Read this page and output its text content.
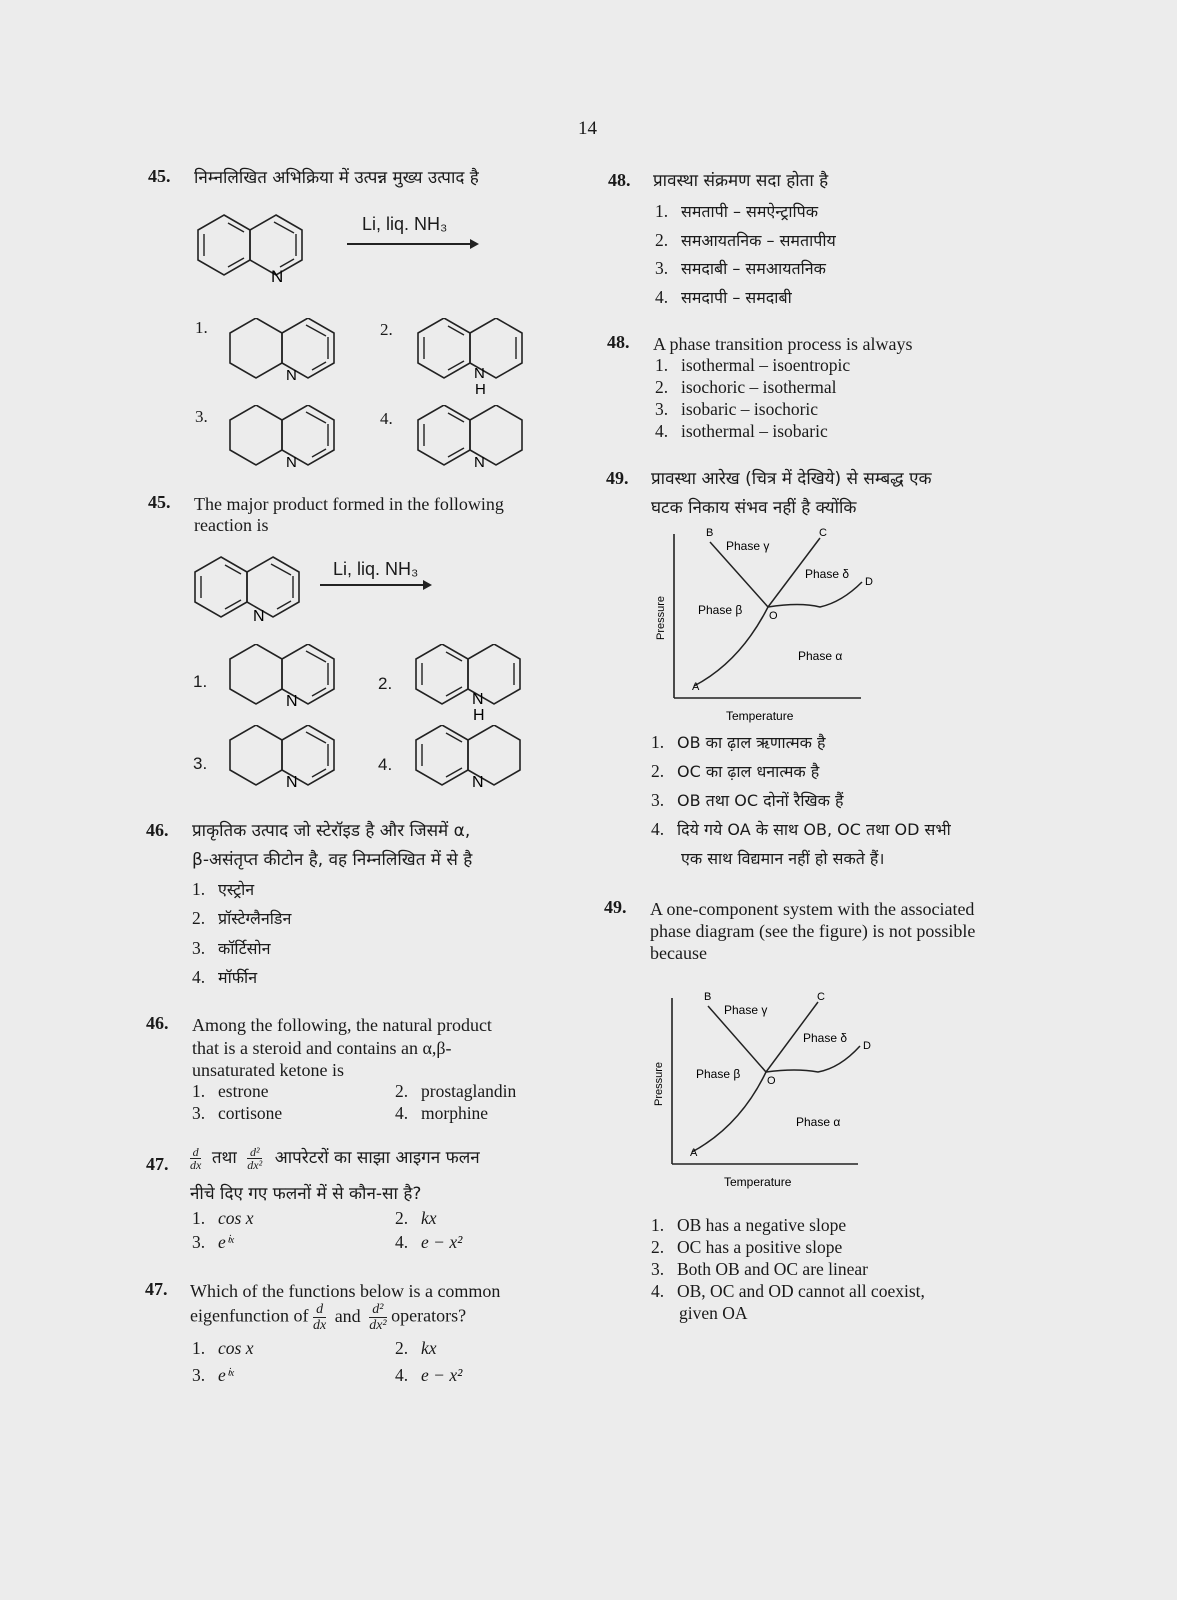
14
45. निम्नलिखित अभिक्रिया में उत्पन्न मुख्य उत्पाद है
N
Li, liq. NH₃
1.
N
2.
N
H
3.
N
4.
N
45. The major product formed in the following
reaction is
N
Li, liq. NH₃
1.
N
2.
N
H
3.
N
4.
N
46. प्राकृतिक उत्पाद जो स्टेरॉइड है और जिसमें α,
β-असंतृप्त कीटोन है, वह निम्नलिखित में से है
1. एस्ट्रोन
2. प्रॉस्टेग्लैनडिन
3. कॉर्टिसोन
4. मॉर्फीन
46. Among the following, the natural product
that is a steroid and contains an α,β-
unsaturated ketone is
1. estrone	2. prostaglandin
3. cortisone	4. morphine
47. $\frac{d}{dx}$ तथा $\frac{\text{d²}}{\text{dx²}}$ आपरेटरों का साझा आइगन फलन
नीचे दिए गए फलनों में से कौन-सा है?
1. cos x	2. kx
3. eⁱˣ	4. e − x²
47. Which of the functions below is a common
eigenfunction of $\frac{d}{dx}$ and $\frac{\text{d²}}{\text{dx²}}$ operators?
1. cos x	2. kx
3. eⁱˣ	4. e − x²
48. प्रावस्था संक्रमण सदा होता है
1. समतापी – समऐन्ट्रापिक
2. समआयतनिक – समतापीय
3. समदाबी – समआयतनिक
4. समदापी – समदाबी
48. A phase transition process is always
1. isothermal – isoentropic
2. isochoric – isothermal
3. isobaric – isochoric
4. isothermal – isobaric
49. प्रावस्था आरेख (चित्र में देखिये) से सम्बद्ध एक
घटक निकाय संभव नहीं है क्योंकि
B	C
D
O
A
Phase γ
Phase δ
Phase β
Phase α
Pressure
Temperature
1. OB का ढ़ाल ऋणात्मक है
2. OC का ढ़ाल धनात्मक है
3. OB तथा OC दोनों रैखिक हैं
4. दिये गये OA के साथ OB, OC तथा OD सभी
एक साथ विद्यमान नहीं हो सकते हैं।
49. A one-component system with the associated
phase diagram (see the figure) is not possible
because
B	C
D
O
A
Phase γ
Phase δ
Phase β
Phase α
Pressure
Temperature
1. OB has a negative slope
2. OC has a positive slope
3. Both OB and OC are linear
4. OB, OC and OD cannot all coexist,
given OA
